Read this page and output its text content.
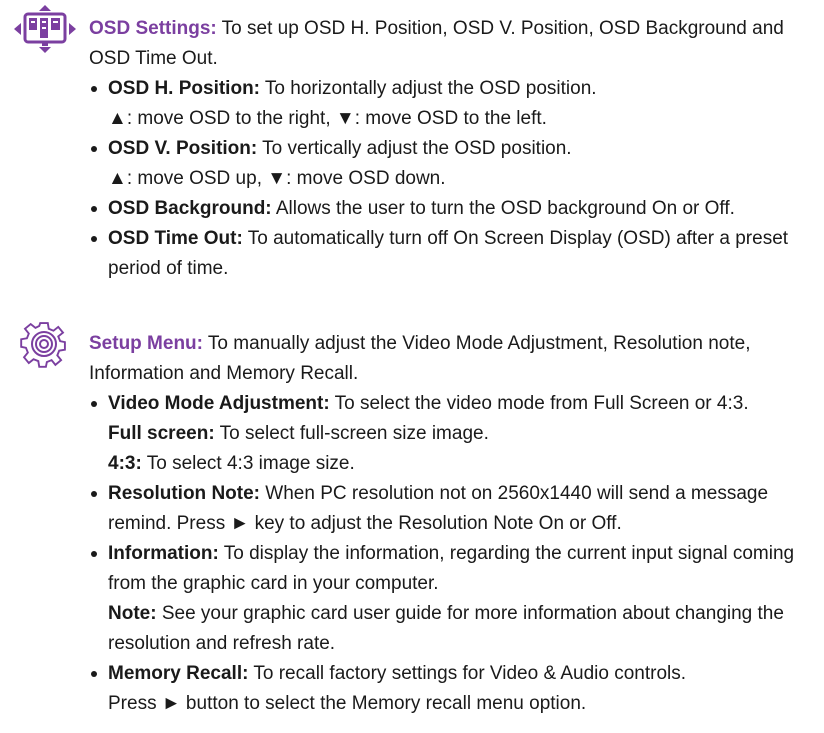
OSD Settings: To set up OSD H. Position, OSD V. Position, OSD Background and OSD Time Out.
OSD H. Position: To horizontally adjust the OSD position.
▲: move OSD to the right, ▼: move OSD to the left.
OSD V. Position: To vertically adjust the OSD position.
▲: move OSD up, ▼: move OSD down.
OSD Background: Allows the user to turn the OSD background On or Off.
OSD Time Out: To automatically turn off On Screen Display (OSD) after a preset period of time.
Setup Menu: To manually adjust the Video Mode Adjustment, Resolution note, Information and Memory Recall.
Video Mode Adjustment: To select the video mode from Full Screen or 4:3.
Full screen: To select full-screen size image.
4:3: To select 4:3 image size.
Resolution Note: When PC resolution not on 2560x1440 will send a message remind. Press ► key to adjust the Resolution Note On or Off.
Information: To display the information, regarding the current input signal coming from the graphic card in your computer.
Note: See your graphic card user guide for more information about changing the resolution and refresh rate.
Memory Recall: To recall factory settings for Video & Audio controls.
Press ► button to select the Memory recall menu option.
